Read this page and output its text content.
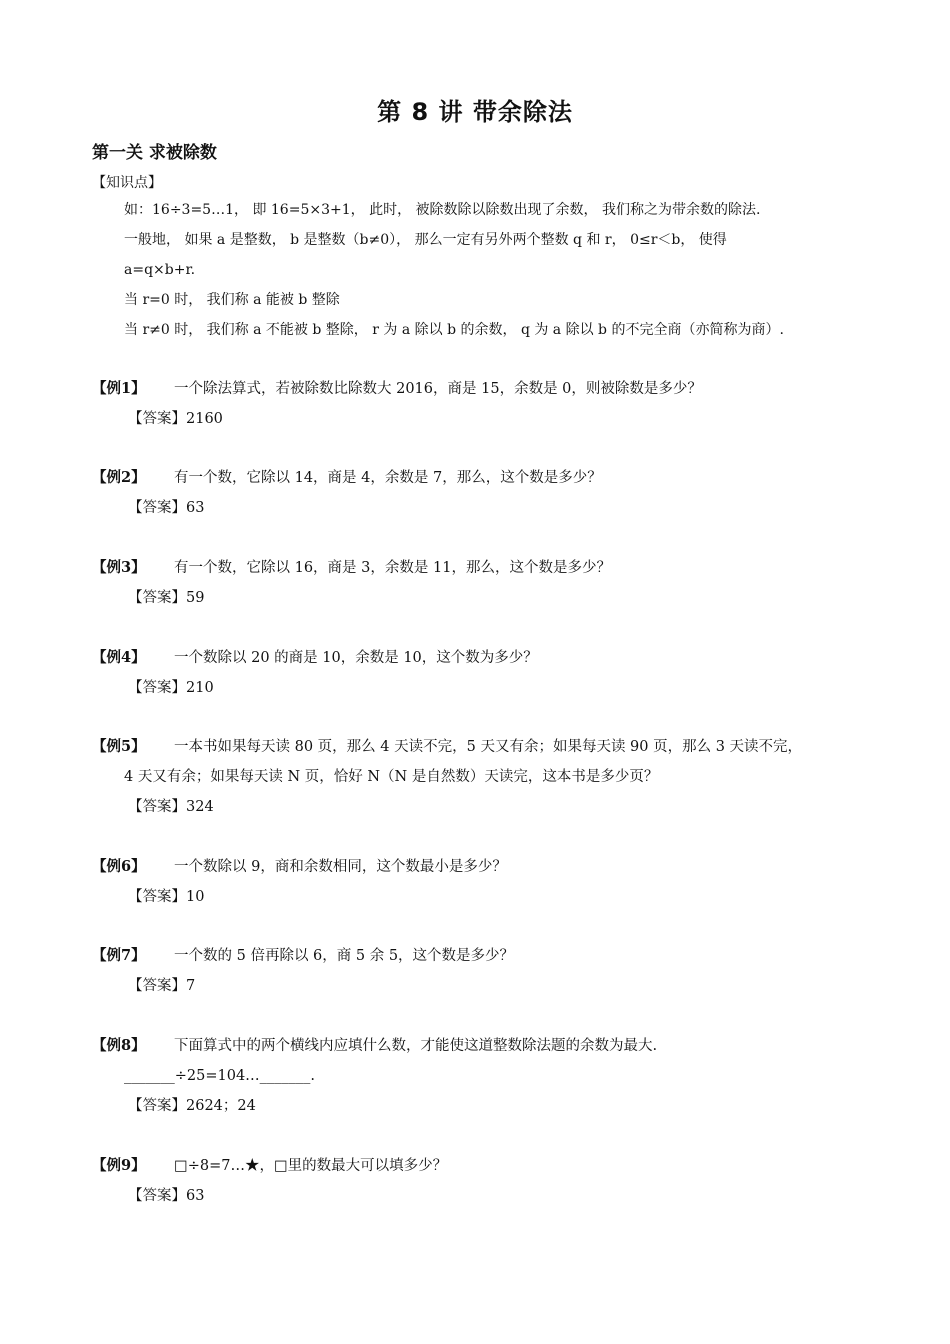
第 8 讲 带余除法
第一关 求被除数
【知识点】
如：16÷3=5…1， 即 16=5×3+1， 此时， 被除数除以除数出现了余数， 我们称之为带余数的除法.
一般地， 如果 a 是整数， b 是整数（b≠0）， 那么一定有另外两个整数 q 和 r， 0≤r＜b， 使得
a=q×b+r.
当 r=0 时， 我们称 a 能被 b 整除
当 r≠0 时， 我们称 a 不能被 b 整除， r 为 a 除以 b 的余数， q 为 a 除以 b 的不完全商（亦简称为商）.
【例1】	一个除法算式，若被除数比除数大 2016，商是 15，余数是 0，则被除数是多少？
【答案】2160
【例2】	有一个数，它除以 14，商是 4，余数是 7，那么，这个数是多少？
【答案】63
【例3】	有一个数，它除以 16，商是 3，余数是 11，那么，这个数是多少？
【答案】59
【例4】	一个数除以 20 的商是 10，余数是 10，这个数为多少？
【答案】210
【例5】	一本书如果每天读 80 页，那么 4 天读不完，5 天又有余；如果每天读 90 页，那么 3 天读不完，
4 天又有余；如果每天读 N 页，恰好 N（N 是自然数）天读完，这本书是多少页？
【答案】324
【例6】	一个数除以 9，商和余数相同，这个数最小是多少？
【答案】10
【例7】	一个数的 5 倍再除以 6，商 5 余 5，这个数是多少？
【答案】7
【例8】	下面算式中的两个横线内应填什么数，才能使这道整数除法题的余数为最大.
_______÷25=104…_______.
【答案】2624；24
【例9】	□÷8=7…★，□里的数最大可以填多少？
【答案】63
